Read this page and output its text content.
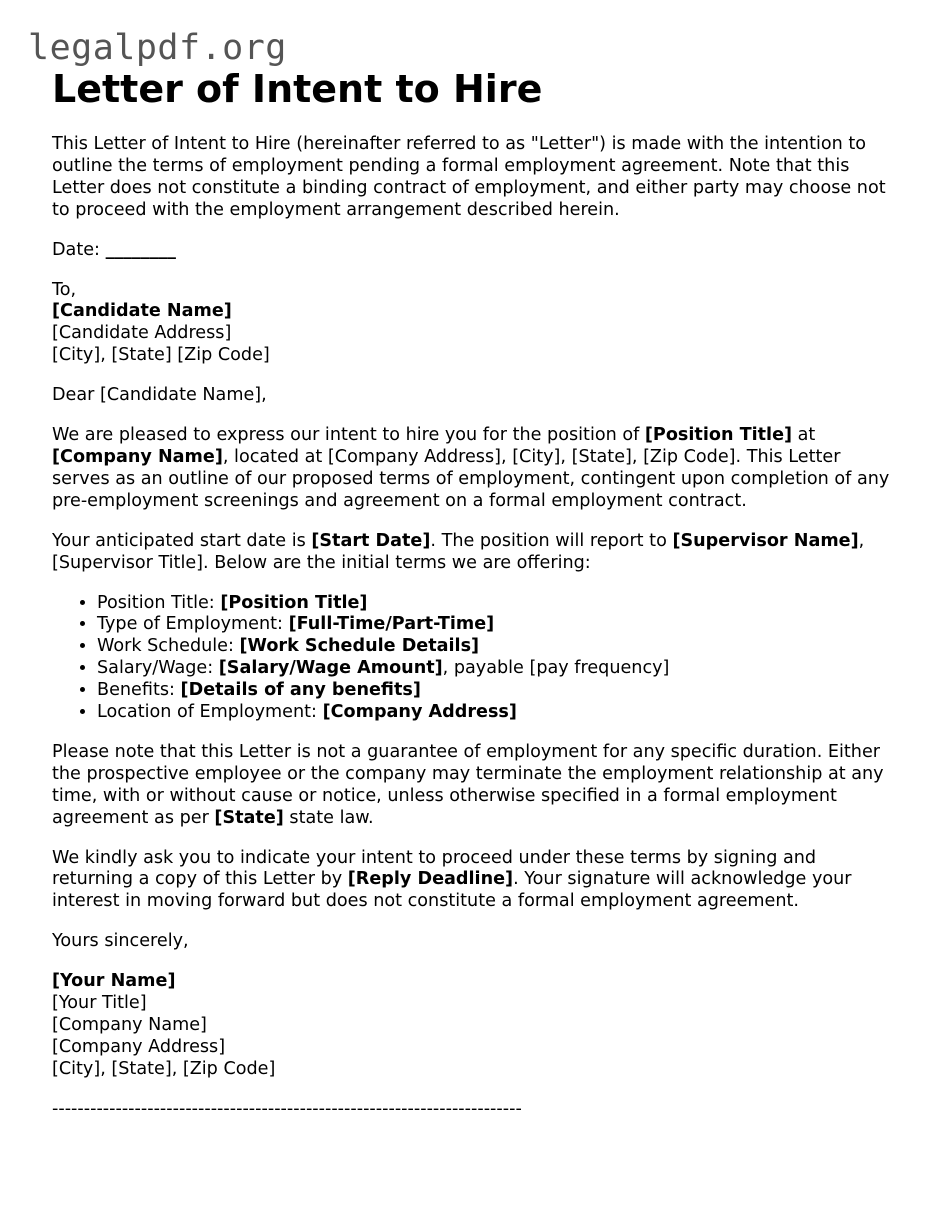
legalpdf.org
Letter of Intent to Hire

This Letter of Intent to Hire (hereinafter referred to as "Letter") is made with the intention to outline the terms of employment pending a formal employment agreement. Note that this Letter does not constitute a binding contract of employment, and either party may choose not to proceed with the employment arrangement described herein.

Date: ________

To,
[Candidate Name]
[Candidate Address]
[City], [State] [Zip Code]

Dear [Candidate Name],

We are pleased to express our intent to hire you for the position of [Position Title] at [Company Name], located at [Company Address], [City], [State], [Zip Code]. This Letter serves as an outline of our proposed terms of employment, contingent upon completion of any pre-employment screenings and agreement on a formal employment contract.

Your anticipated start date is [Start Date]. The position will report to [Supervisor Name], [Supervisor Title]. Below are the initial terms we are offering:

• Position Title: [Position Title]
• Type of Employment: [Full-Time/Part-Time]
• Work Schedule: [Work Schedule Details]
• Salary/Wage: [Salary/Wage Amount], payable [pay frequency]
• Benefits: [Details of any benefits]
• Location of Employment: [Company Address]

Please note that this Letter is not a guarantee of employment for any specific duration. Either the prospective employee or the company may terminate the employment relationship at any time, with or without cause or notice, unless otherwise specified in a formal employment agreement as per [State] state law.

We kindly ask you to indicate your intent to proceed under these terms by signing and returning a copy of this Letter by [Reply Deadline]. Your signature will acknowledge your interest in moving forward but does not constitute a formal employment agreement.

Yours sincerely,

[Your Name]
[Your Title]
[Company Name]
[Company Address]
[City], [State], [Zip Code]
--------------------------------------------------------------------------
